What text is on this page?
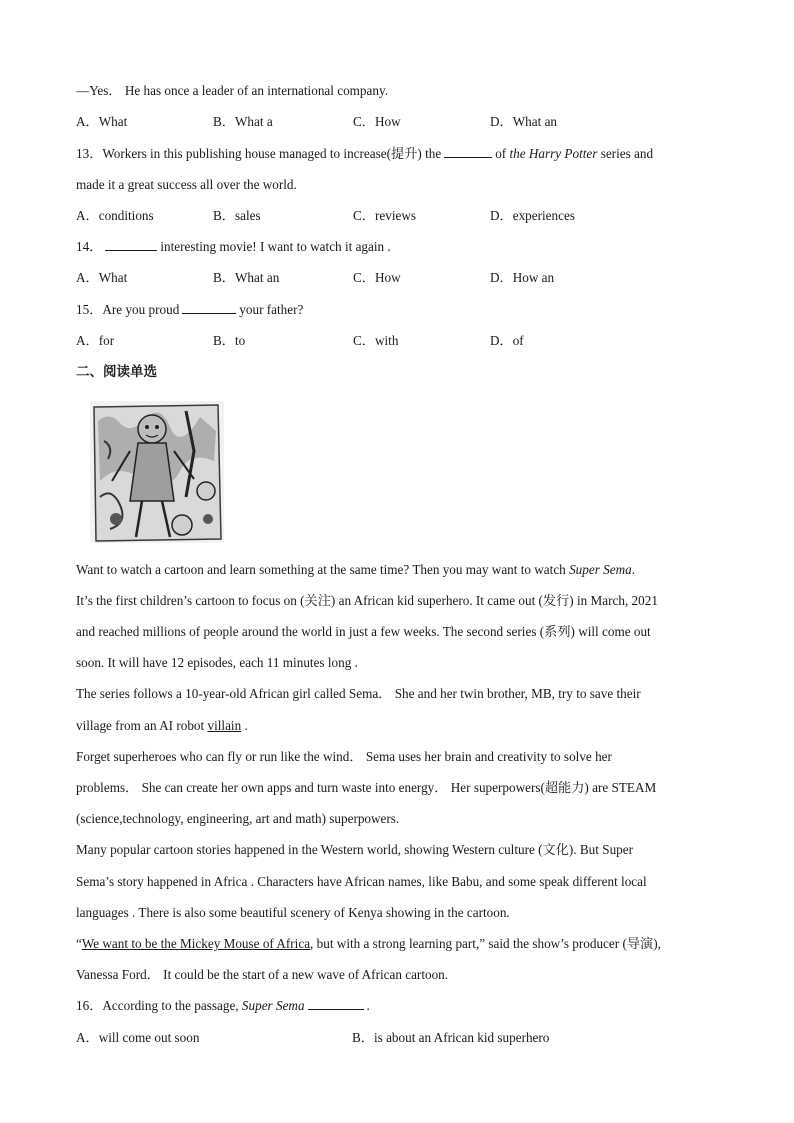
—Yes． He has once a leader of an international company.
A．What	B．What a	C．How	D．What an
13．Workers in this publishing house managed to increase(提升) the	of the Harry Potter series and
made it a great success all over the world.
A．conditions	B．sales	C．reviews	D．experiences
14．	interesting movie! I want to watch it again .
A．What	B．What an	C．How	D．How an
15．Are you proud	your father?
A．for	B．to	C．with	D．of
二、阅读单选
Want to watch a cartoon and learn something at the same time? Then you may want to watch Super Sema.
It’s the first children’s cartoon to focus on (关注) an African kid superhero. It came out (发行) in March, 2021
and reached millions of people around the world in just a few weeks. The second series (系列) will come out
soon. It will have 12 episodes, each 11 minutes long .
The series follows a 10-year-old African girl called Sema． She and her twin brother, MB, try to save their
village from an AI robot villain .
Forget superheroes who can fly or run like the wind． Sema uses her brain and creativity to solve her
problems． She can create her own apps and turn waste into energy． Her superpowers(超能力) are STEAM
(science,technology, engineering, art and math) superpowers.
Many popular cartoon stories happened in the Western world, showing Western culture (文化). But Super
Sema’s story happened in Africa . Characters have African names, like Babu, and some speak different local
languages . There is also some beautiful scenery of Kenya showing in the cartoon.
“We want to be the Mickey Mouse of Africa, but with a strong learning part,” said the show’s producer (导演),
Vanessa Ford． It could be the start of a new wave of African cartoon.
16．According to the passage, Super Sema	.
A．will come out soon	B．is about an African kid superhero
